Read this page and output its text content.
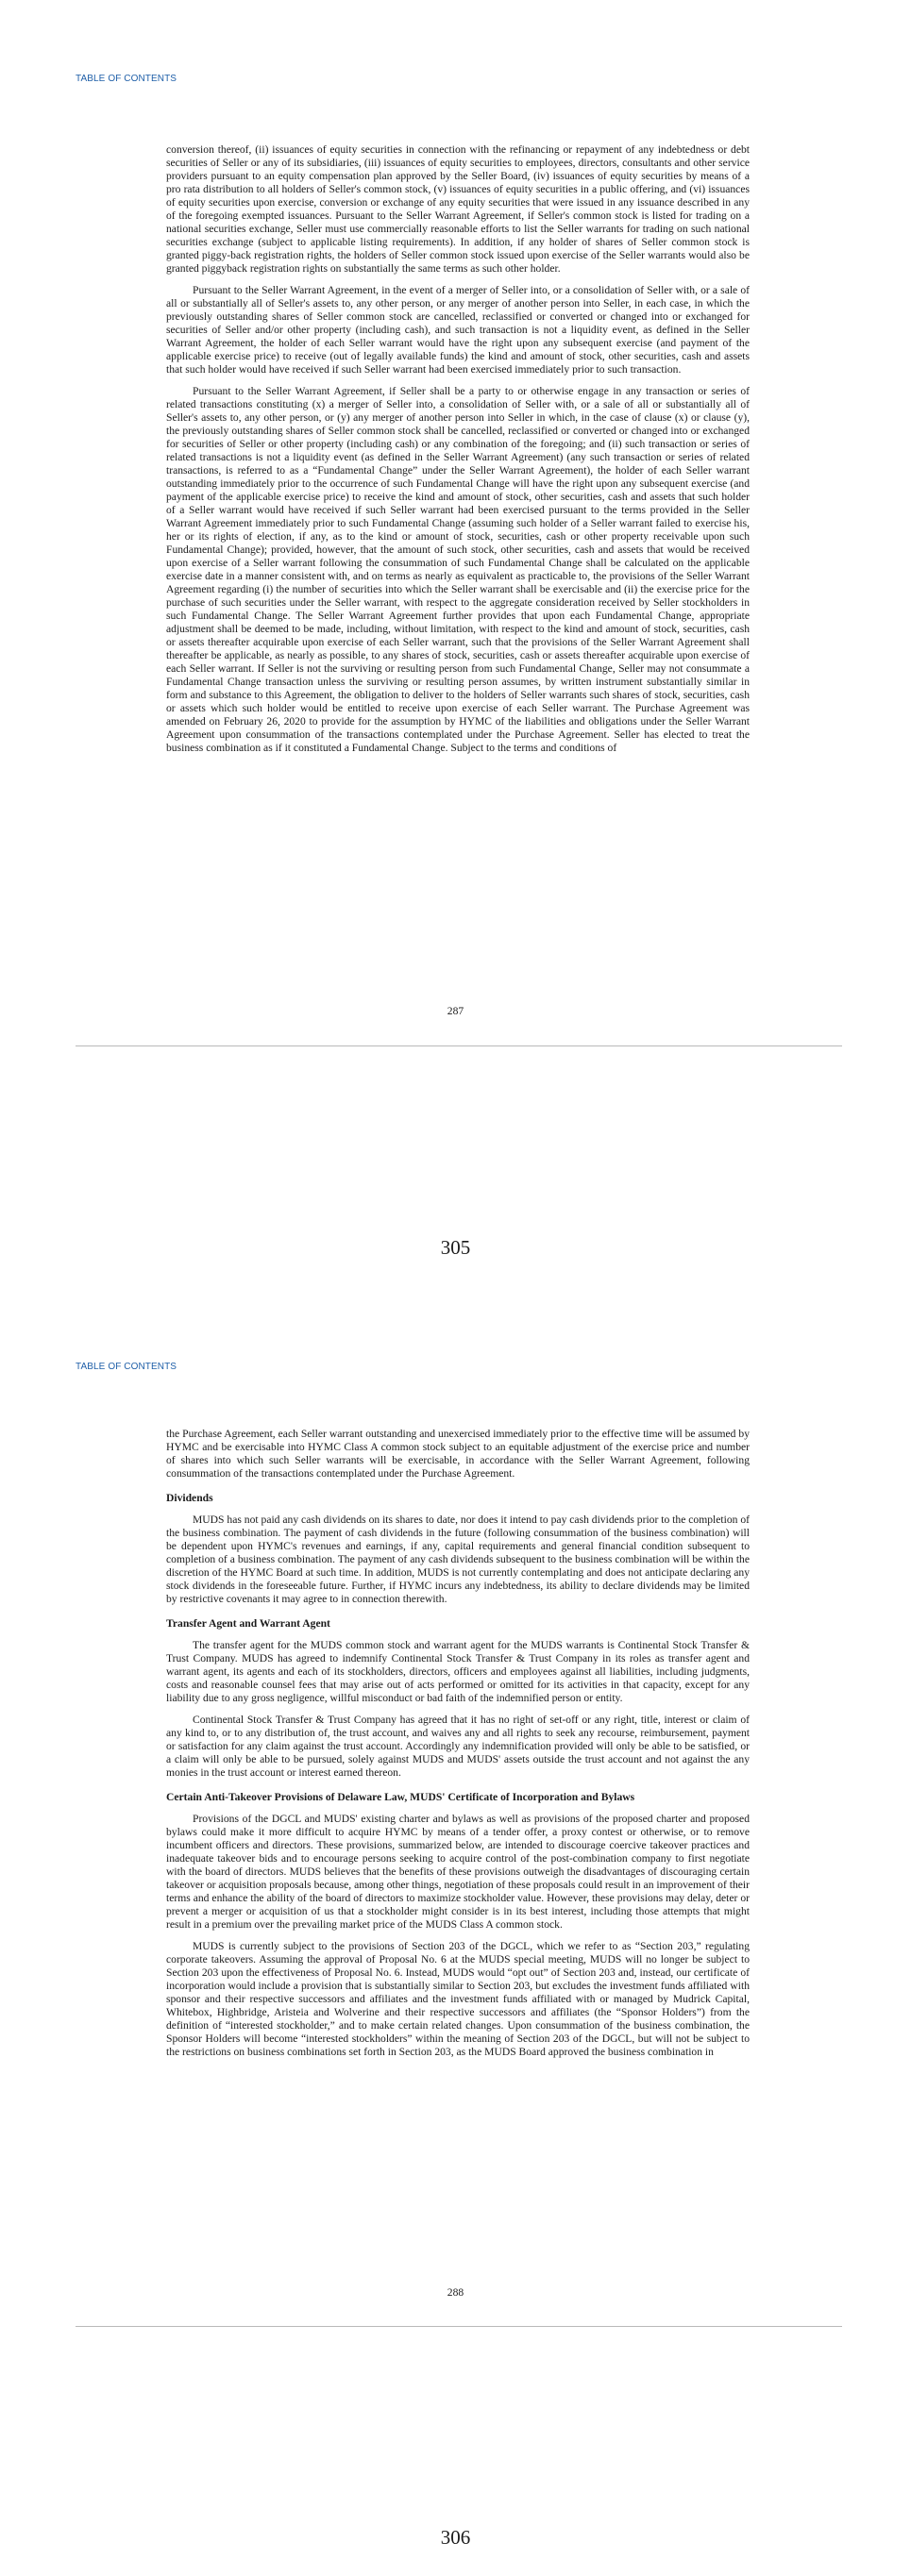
TABLE OF CONTENTS

conversion thereof, (ii) issuances of equity securities in connection with the refinancing or repayment of any indebtedness or debt securities of Seller or any of its subsidiaries, (iii) issuances of equity securities to employees, directors, consultants and other service providers pursuant to an equity compensation plan approved by the Seller Board, (iv) issuances of equity securities by means of a pro rata distribution to all holders of Seller's common stock, (v) issuances of equity securities in a public offering, and (vi) issuances of equity securities upon exercise, conversion or exchange of any equity securities that were issued in any issuance described in any of the foregoing exempted issuances. Pursuant to the Seller Warrant Agreement, if Seller's common stock is listed for trading on a national securities exchange, Seller must use commercially reasonable efforts to list the Seller warrants for trading on such national securities exchange (subject to applicable listing requirements). In addition, if any holder of shares of Seller common stock is granted piggy-back registration rights, the holders of Seller common stock issued upon exercise of the Seller warrants would also be granted piggyback registration rights on substantially the same terms as such other holder.

Pursuant to the Seller Warrant Agreement, in the event of a merger of Seller into, or a consolidation of Seller with, or a sale of all or substantially all of Seller's assets to, any other person, or any merger of another person into Seller, in each case, in which the previously outstanding shares of Seller common stock are cancelled, reclassified or converted or changed into or exchanged for securities of Seller and/or other property (including cash), and such transaction is not a liquidity event, as defined in the Seller Warrant Agreement, the holder of each Seller warrant would have the right upon any subsequent exercise (and payment of the applicable exercise price) to receive (out of legally available funds) the kind and amount of stock, other securities, cash and assets that such holder would have received if such Seller warrant had been exercised immediately prior to such transaction.

Pursuant to the Seller Warrant Agreement, if Seller shall be a party to or otherwise engage in any transaction or series of related transactions constituting (x) a merger of Seller into, a consolidation of Seller with, or a sale of all or substantially all of Seller's assets to, any other person, or (y) any merger of another person into Seller in which, in the case of clause (x) or clause (y), the previously outstanding shares of Seller common stock shall be cancelled, reclassified or converted or changed into or exchanged for securities of Seller or other property (including cash) or any combination of the foregoing; and (ii) such transaction or series of related transactions is not a liquidity event (as defined in the Seller Warrant Agreement) (any such transaction or series of related transactions, is referred to as a “Fundamental Change” under the Seller Warrant Agreement), the holder of each Seller warrant outstanding immediately prior to the occurrence of such Fundamental Change will have the right upon any subsequent exercise (and payment of the applicable exercise price) to receive the kind and amount of stock, other securities, cash and assets that such holder of a Seller warrant would have received if such Seller warrant had been exercised pursuant to the terms provided in the Seller Warrant Agreement immediately prior to such Fundamental Change (assuming such holder of a Seller warrant failed to exercise his, her or its rights of election, if any, as to the kind or amount of stock, securities, cash or other property receivable upon such Fundamental Change); provided, however, that the amount of such stock, other securities, cash and assets that would be received upon exercise of a Seller warrant following the consummation of such Fundamental Change shall be calculated on the applicable exercise date in a manner consistent with, and on terms as nearly as equivalent as practicable to, the provisions of the Seller Warrant Agreement regarding (i) the number of securities into which the Seller warrant shall be exercisable and (ii) the exercise price for the purchase of such securities under the Seller warrant, with respect to the aggregate consideration received by Seller stockholders in such Fundamental Change. The Seller Warrant Agreement further provides that upon each Fundamental Change, appropriate adjustment shall be deemed to be made, including, without limitation, with respect to the kind and amount of stock, securities, cash or assets thereafter acquirable upon exercise of each Seller warrant, such that the provisions of the Seller Warrant Agreement shall thereafter be applicable, as nearly as possible, to any shares of stock, securities, cash or assets thereafter acquirable upon exercise of each Seller warrant. If Seller is not the surviving or resulting person from such Fundamental Change, Seller may not consummate a Fundamental Change transaction unless the surviving or resulting person assumes, by written instrument substantially similar in form and substance to this Agreement, the obligation to deliver to the holders of Seller warrants such shares of stock, securities, cash or assets which such holder would be entitled to receive upon exercise of each Seller warrant. The Purchase Agreement was amended on February 26, 2020 to provide for the assumption by HYMC of the liabilities and obligations under the Seller Warrant Agreement upon consummation of the transactions contemplated under the Purchase Agreement. Seller has elected to treat the business combination as if it constituted a Fundamental Change. Subject to the terms and conditions of

287
305
TABLE OF CONTENTS

the Purchase Agreement, each Seller warrant outstanding and unexercised immediately prior to the effective time will be assumed by HYMC and be exercisable into HYMC Class A common stock subject to an equitable adjustment of the exercise price and number of shares into which such Seller warrants will be exercisable, in accordance with the Seller Warrant Agreement, following consummation of the transactions contemplated under the Purchase Agreement.

Dividends

MUDS has not paid any cash dividends on its shares to date, nor does it intend to pay cash dividends prior to the completion of the business combination. The payment of cash dividends in the future (following consummation of the business combination) will be dependent upon HYMC's revenues and earnings, if any, capital requirements and general financial condition subsequent to completion of a business combination. The payment of any cash dividends subsequent to the business combination will be within the discretion of the HYMC Board at such time. In addition, MUDS is not currently contemplating and does not anticipate declaring any stock dividends in the foreseeable future. Further, if HYMC incurs any indebtedness, its ability to declare dividends may be limited by restrictive covenants it may agree to in connection therewith.

Transfer Agent and Warrant Agent

The transfer agent for the MUDS common stock and warrant agent for the MUDS warrants is Continental Stock Transfer & Trust Company. MUDS has agreed to indemnify Continental Stock Transfer & Trust Company in its roles as transfer agent and warrant agent, its agents and each of its stockholders, directors, officers and employees against all liabilities, including judgments, costs and reasonable counsel fees that may arise out of acts performed or omitted for its activities in that capacity, except for any liability due to any gross negligence, willful misconduct or bad faith of the indemnified person or entity.

Continental Stock Transfer & Trust Company has agreed that it has no right of set-off or any right, title, interest or claim of any kind to, or to any distribution of, the trust account, and waives any and all rights to seek any recourse, reimbursement, payment or satisfaction for any claim against the trust account. Accordingly any indemnification provided will only be able to be satisfied, or a claim will only be able to be pursued, solely against MUDS and MUDS' assets outside the trust account and not against the any monies in the trust account or interest earned thereon.

Certain Anti-Takeover Provisions of Delaware Law, MUDS' Certificate of Incorporation and Bylaws

Provisions of the DGCL and MUDS' existing charter and bylaws as well as provisions of the proposed charter and proposed bylaws could make it more difficult to acquire HYMC by means of a tender offer, a proxy contest or otherwise, or to remove incumbent officers and directors. These provisions, summarized below, are intended to discourage coercive takeover practices and inadequate takeover bids and to encourage persons seeking to acquire control of the post-combination company to first negotiate with the board of directors. MUDS believes that the benefits of these provisions outweigh the disadvantages of discouraging certain takeover or acquisition proposals because, among other things, negotiation of these proposals could result in an improvement of their terms and enhance the ability of the board of directors to maximize stockholder value. However, these provisions may delay, deter or prevent a merger or acquisition of us that a stockholder might consider is in its best interest, including those attempts that might result in a premium over the prevailing market price of the MUDS Class A common stock.

MUDS is currently subject to the provisions of Section 203 of the DGCL, which we refer to as “Section 203,” regulating corporate takeovers. Assuming the approval of Proposal No. 6 at the MUDS special meeting, MUDS will no longer be subject to Section 203 upon the effectiveness of Proposal No. 6. Instead, MUDS would “opt out” of Section 203 and, instead, our certificate of incorporation would include a provision that is substantially similar to Section 203, but excludes the investment funds affiliated with sponsor and their respective successors and affiliates and the investment funds affiliated with or managed by Mudrick Capital, Whitebox, Highbridge, Aristeia and Wolverine and their respective successors and affiliates (the “Sponsor Holders”) from the definition of “interested stockholder,” and to make certain related changes. Upon consummation of the business combination, the Sponsor Holders will become “interested stockholders” within the meaning of Section 203 of the DGCL, but will not be subject to the restrictions on business combinations set forth in Section 203, as the MUDS Board approved the business combination in

288
306
